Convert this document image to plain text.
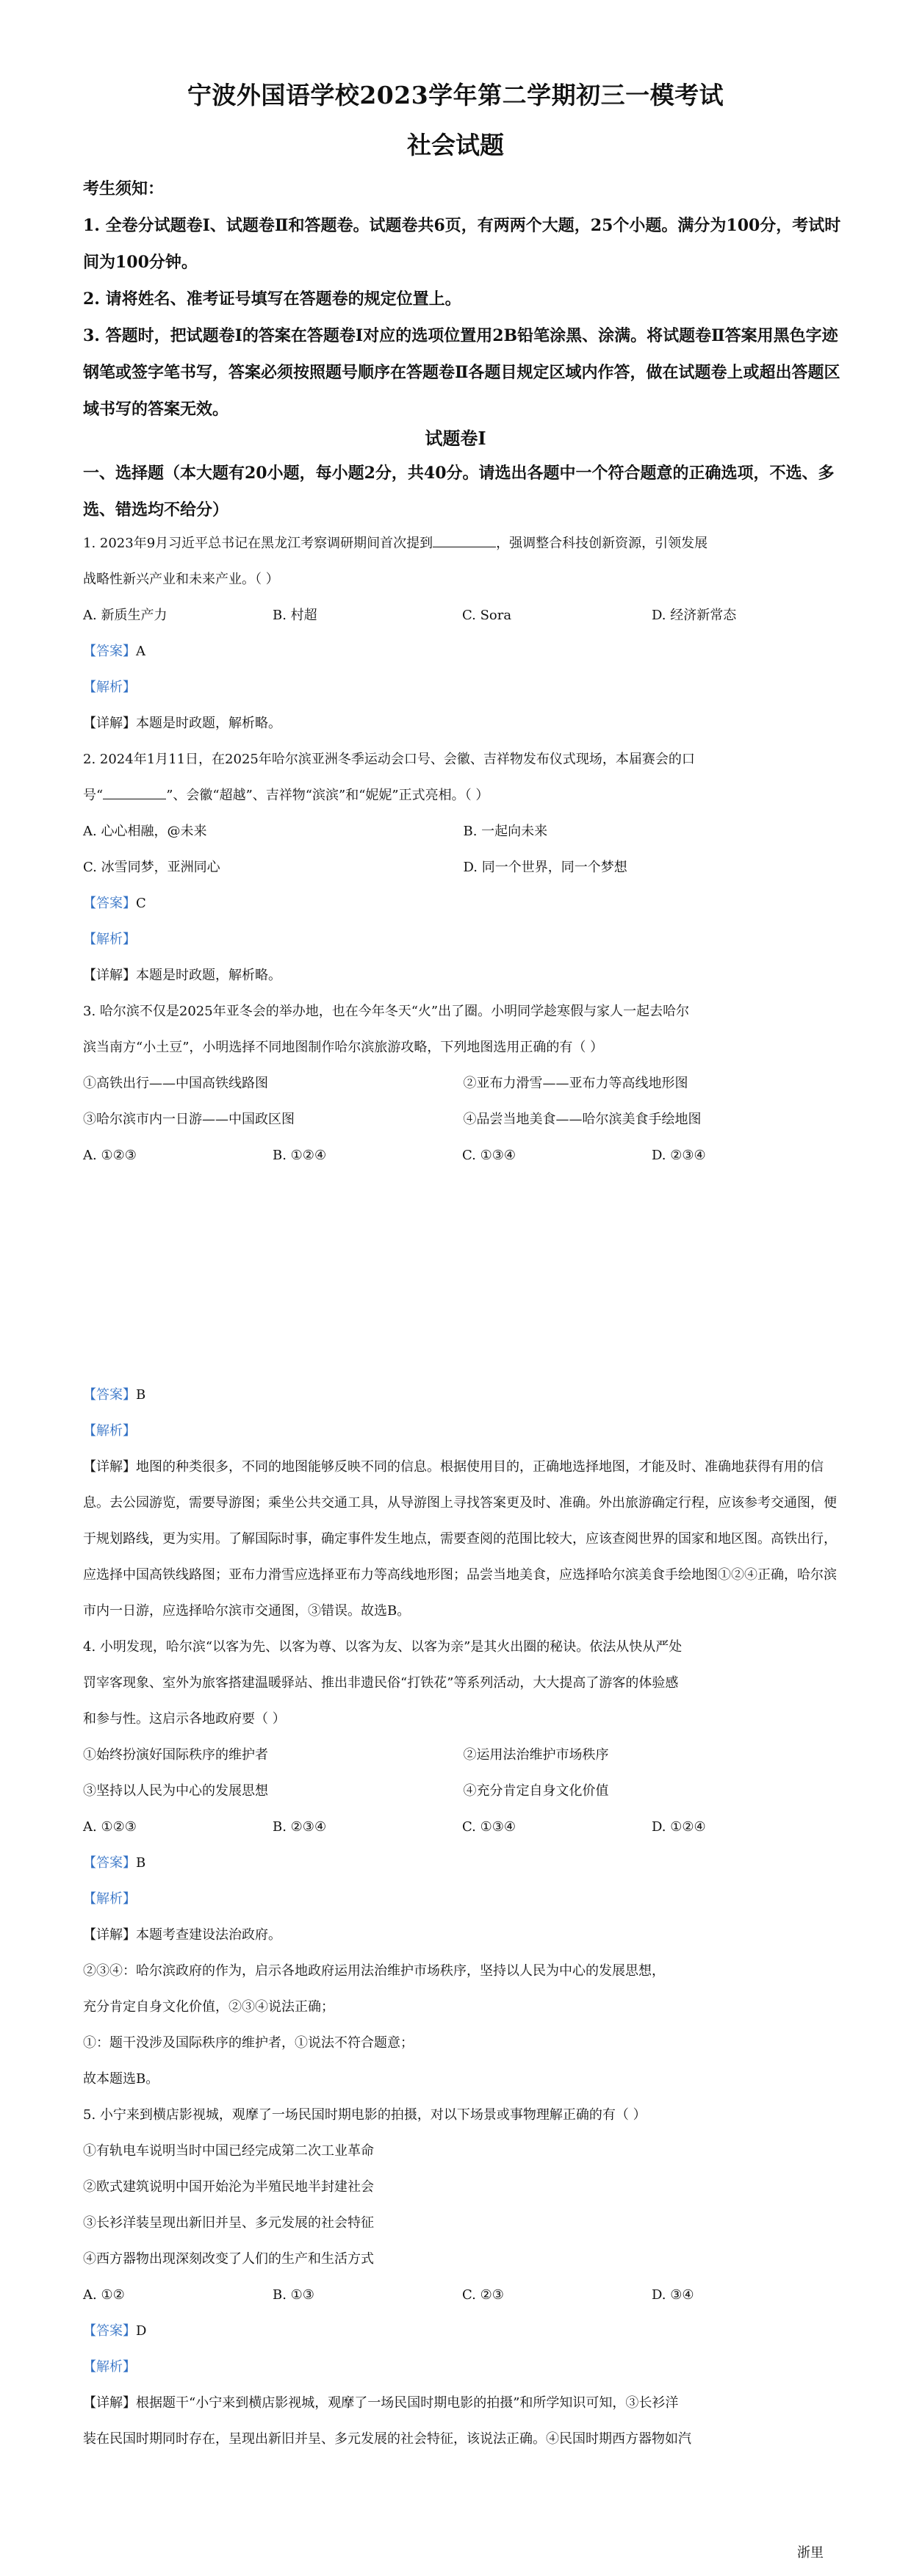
宁波外国语学校2023学年第二学期初三一模考试
社会试题

考生须知：

1. 全卷分试题卷Ⅰ、试题卷Ⅱ和答题卷。试题卷共6页，有两两个大题，25个小题。满分为100分，考试时间为100分钟。

2. 请将姓名、准考证号填写在答题卷的规定位置上。

3. 答题时，把试题卷Ⅰ的答案在答题卷Ⅰ对应的选项位置用2B铅笔涂黑、涂满。将试题卷Ⅱ答案用黑色字迹钢笔或签字笔书写，答案必须按照题号顺序在答题卷Ⅱ各题目规定区域内作答，做在试题卷上或超出答题区域书写的答案无效。

试题卷Ⅰ

一、选择题（本大题有20小题，每小题2分，共40分。请选出各题中一个符合题意的正确选项，不选、多选、错选均不给分）

1. 2023年9月习近平总书记在黑龙江考察调研期间首次提到	，强调整合科技创新资源，引领发展

战略性新兴产业和未来产业。（ ）

A. 新质生产力	B. 村超	C. Sora	D. 经济新常态

【答案】A

【解析】

【详解】本题是时政题，解析略。

2. 2024年1月11日，在2025年哈尔滨亚洲冬季运动会口号、会徽、吉祥物发布仪式现场，本届赛会的口

号“	”、会徽“超越”、吉祥物“滨滨”和“妮妮”正式亮相。（ ）

A. 心心相融，@未来	B. 一起向未来

C. 冰雪同梦，亚洲同心	D. 同一个世界，同一个梦想

【答案】C

【解析】

【详解】本题是时政题，解析略。

3. 哈尔滨不仅是2025年亚冬会的举办地，也在今年冬天“火”出了圈。小明同学趁寒假与家人一起去哈尔

滨当南方“小土豆”，小明选择不同地图制作哈尔滨旅游攻略，下列地图选用正确的有（ ）

①高铁出行——中国高铁线路图	②亚布力滑雪——亚布力等高线地形图

③哈尔滨市内一日游——中国政区图	④品尝当地美食——哈尔滨美食手绘地图

A. ①②③	B. ①②④	C. ①③④	D. ②③④

【答案】B

【解析】

【详解】地图的种类很多，不同的地图能够反映不同的信息。根据使用目的，正确地选择地图，才能及时、准确地获得有用的信息。去公园游览，需要导游图；乘坐公共交通工具，从导游图上寻找答案更及时、准确。外出旅游确定行程，应该参考交通图，便于规划路线，更为实用。了解国际时事，确定事件发生地点，需要查阅的范围比较大，应该查阅世界的国家和地区图。高铁出行，应选择中国高铁线路图；亚布力滑雪应选择亚布力等高线地形图；品尝当地美食，应选择哈尔滨美食手绘地图①②④正确，哈尔滨市内一日游，应选择哈尔滨市交通图，③错误。故选B。

4. 小明发现，哈尔滨“以客为先、以客为尊、以客为友、以客为亲”是其火出圈的秘诀。依法从快从严处

罚宰客现象、室外为旅客搭建温暖驿站、推出非遗民俗“打铁花”等系列活动，大大提高了游客的体验感

和参与性。这启示各地政府要（ ）

①始终扮演好国际秩序的维护者	②运用法治维护市场秩序

③坚持以人民为中心的发展思想	④充分肯定自身文化价值

A. ①②③	B. ②③④	C. ①③④	D. ①②④

【答案】B

【解析】

【详解】本题考查建设法治政府。

②③④：哈尔滨政府的作为，启示各地政府运用法治维护市场秩序，坚持以人民为中心的发展思想，

充分肯定自身文化价值，②③④说法正确；

①：题干没涉及国际秩序的维护者，①说法不符合题意；

故本题选B。

5. 小宁来到横店影视城，观摩了一场民国时期电影的拍摄，对以下场景或事物理解正确的有（ ）

①有轨电车说明当时中国已经完成第二次工业革命

②欧式建筑说明中国开始沦为半殖民地半封建社会

③长衫洋装呈现出新旧并呈、多元发展的社会特征

④西方器物出现深刻改变了人们的生产和生活方式

A. ①②	B. ①③	C. ②③	D. ③④

【答案】D

【解析】

【详解】根据题干“小宁来到横店影视城，观摩了一场民国时期电影的拍摄”和所学知识可知，③长衫洋

装在民国时期同时存在，呈现出新旧并呈、多元发展的社会特征，该说法正确。④民国时期西方器物如汽

浙里
